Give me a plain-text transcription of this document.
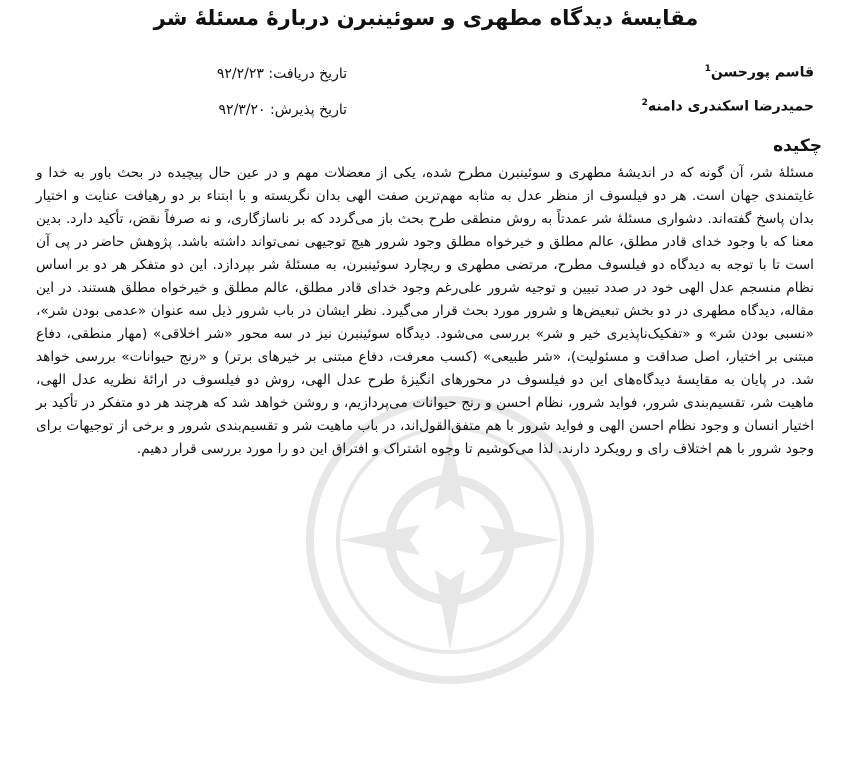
مقایسهٔ دیدگاه مطهری و سوئینبرن دربارهٔ مسئلهٔ شر
قاسم پورحسن$^1$
تاریخ دریافت: ۹۲/۲/۲۳
حمیدرضا اسکندری دامنه$^2$
تاریخ پذیرش: ۹۲/۳/۲۰
چکیده
مسئلهٔ شر، آن گونه که در اندیشهٔ مطهری و سوئینبرن مطرح شده، یکی از معضلات مهم و در عین حال پیچیده در بحث باور به خدا و غایتمندی جهان است. هر دو فیلسوف از منظر عدل به مثابه مهم‌ترین صفت الهی بدان نگریسته و با ابتناء بر دو رهیافت عنایت و اختیار بدان پاسخ گفته‌اند. دشواری مسئلهٔ شر عمدتاً به روش منطقی طرح بحث باز می‌گردد که بر ناسازگاری، و نه صرفاً نقض، تأکید دارد. بدین معنا که با وجود خدای قادر مطلق، عالم مطلق و خیرخواه مطلق وجود شرور هیچ توجیهی نمی‌تواند داشته باشد. پژوهش حاضر در پی آن است تا با توجه به دیدگاه دو فیلسوف مطرح، مرتضی مطهری و ریچارد سوئینبرن، به مسئلهٔ شر بپردازد. این دو متفکر هر دو بر اساس نظام منسجم عدل الهی خود در صدد تبیین و توجیه شرور علی‌رغم وجود خدای قادر مطلق، عالم مطلق و خیرخواه مطلق هستند. در این مقاله، دیدگاه مطهری در دو بخش تبعیض‌ها و شرور مورد بحث قرار می‌گیرد. نظر ایشان در باب شرور ذیل سه عنوان «عدمی بودن شر»، «نسبی بودن شر» و «تفکیک‌ناپذیری خیر و شر» بررسی می‌شود. دیدگاه سوئینبرن نیز در سه محور «شر اخلاقی» (مهار منطقی، دفاع مبتنی بر اختیار، اصل صداقت و مسئولیت)، «شر طبیعی» (کسب معرفت، دفاع مبتنی بر خیرهای برتر) و «رنج حیوانات» بررسی خواهد شد. در پایان به مقایسهٔ دیدگاه‌های این دو فیلسوف در محورهای انگیزهٔ طرح عدل الهی، روش دو فیلسوف در ارائهٔ نظریه عدل الهی، ماهیت شر، تقسیم‌بندی شرور، فواید شرور، نظام احسن و رنج حیوانات می‌پردازیم، و روشن خواهد شد که هرچند هر دو متفکر در تأکید بر اختیار انسان و وجود نظام احسن الهی و فواید شرور با هم متفق‌القول‌اند، در باب ماهیت شر و تقسیم‌بندی شرور و برخی از توجیهات برای وجود شرور با هم اختلاف رای و رویکرد دارند. لذا می‌کوشیم تا وجوه اشتراک و افتراق این دو را مورد بررسی قرار دهیم.
